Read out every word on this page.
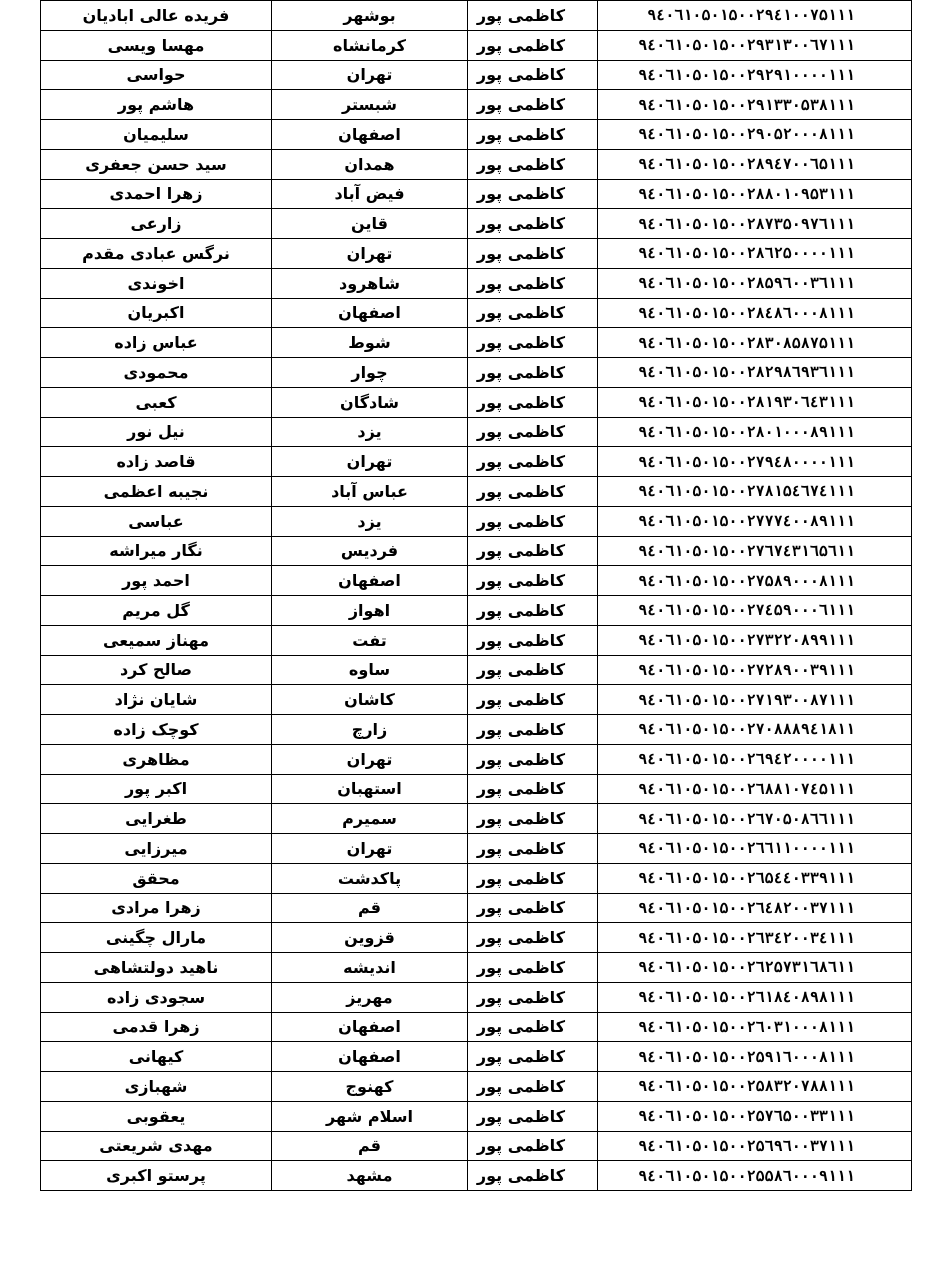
فریده عالی ابادیان	بوشهر	کاظمی پور	۹٤۰٦۱۰۵۰۱۵۰۰۲۹٤۱۰۰۷۵۱۱۱
مهسا ویسی	کرمانشاه	کاظمی پور	۹٤۰٦۱۰۵۰۱۵۰۰۲۹۳۱۳۰۰٦۷۱۱۱
حواسی	تهران	کاظمی پور	۹٤۰٦۱۰۵۰۱۵۰۰۲۹۲۹۱۰۰۰۰۱۱۱
هاشم پور	شبستر	کاظمی پور	۹٤۰٦۱۰۵۰۱۵۰۰۲۹۱۳۳۰۵۳۸۱۱۱
سلیمیان	اصفهان	کاظمی پور	۹٤۰٦۱۰۵۰۱۵۰۰۲۹۰۵۲۰۰۰۸۱۱۱
سید حسن جعفری	همدان	کاظمی پور	۹٤۰٦۱۰۵۰۱۵۰۰۲۸۹٤۷۰۰٦۵۱۱۱
زهرا احمدی	فیض آباد	کاظمی پور	۹٤۰٦۱۰۵۰۱۵۰۰۲۸۸۰۱۰۹۵۳۱۱۱
زارعی	قاین	کاظمی پور	۹٤۰٦۱۰۵۰۱۵۰۰۲۸۷۳۵۰۹۷٦۱۱۱
نرگس عبادی مقدم	تهران	کاظمی پور	۹٤۰٦۱۰۵۰۱۵۰۰۲۸٦۲۵۰۰۰۰۱۱۱
اخوندی	شاهرود	کاظمی پور	۹٤۰٦۱۰۵۰۱۵۰۰۲۸۵۹٦۰۰۳٦۱۱۱
اکبریان	اصفهان	کاظمی پور	۹٤۰٦۱۰۵۰۱۵۰۰۲۸٤۸٦۰۰۰۸۱۱۱
عباس زاده	شوط	کاظمی پور	۹٤۰٦۱۰۵۰۱۵۰۰۲۸۳۰۸۵۸۷۵۱۱۱
محمودی	چوار	کاظمی پور	۹٤۰٦۱۰۵۰۱۵۰۰۲۸۲۹۸٦۹۳٦۱۱۱
کعبی	شادگان	کاظمی پور	۹٤۰٦۱۰۵۰۱۵۰۰۲۸۱۹۳۰٦٤۳۱۱۱
نیل نور	یزد	کاظمی پور	۹٤۰٦۱۰۵۰۱۵۰۰۲۸۰۱۰۰۰۸۹۱۱۱
قاصد زاده	تهران	کاظمی پور	۹٤۰٦۱۰۵۰۱۵۰۰۲۷۹٤۸۰۰۰۰۱۱۱
نجیبه اعظمی	عباس آباد	کاظمی پور	۹٤۰٦۱۰۵۰۱۵۰۰۲۷۸۱۵٤٦۷٤۱۱۱
عباسی	یزد	کاظمی پور	۹٤۰٦۱۰۵۰۱۵۰۰۲۷۷۷٤۰۰۸۹۱۱۱
نگار میراشه	فردیس	کاظمی پور	۹٤۰٦۱۰۵۰۱۵۰۰۲۷٦۷٤۳۱٦۵٦۱۱
احمد پور	اصفهان	کاظمی پور	۹٤۰٦۱۰۵۰۱۵۰۰۲۷۵۸۹۰۰۰۸۱۱۱
گل مریم	اهواز	کاظمی پور	۹٤۰٦۱۰۵۰۱۵۰۰۲۷٤۵۹۰۰۰٦۱۱۱
مهناز سمیعی	تفت	کاظمی پور	۹٤۰٦۱۰۵۰۱۵۰۰۲۷۳۲۲۰۸۹۹۱۱۱
صالح کرد	ساوه	کاظمی پور	۹٤۰٦۱۰۵۰۱۵۰۰۲۷۲۸۹۰۰۳۹۱۱۱
شایان نژاد	کاشان	کاظمی پور	۹٤۰٦۱۰۵۰۱۵۰۰۲۷۱۹۳۰۰۸۷۱۱۱
کوچک زاده	زارچ	کاظمی پور	۹٤۰٦۱۰۵۰۱۵۰۰۲۷۰۸۸۸۹٤۱۸۱۱
مظاهری	تهران	کاظمی پور	۹٤۰٦۱۰۵۰۱۵۰۰۲٦۹٤۲۰۰۰۰۱۱۱
اکبر پور	استهبان	کاظمی پور	۹٤۰٦۱۰۵۰۱۵۰۰۲٦۸۸۱۰۷٤۵۱۱۱
طغرایی	سمیرم	کاظمی پور	۹٤۰٦۱۰۵۰۱۵۰۰۲٦۷۰۵۰۸٦٦۱۱۱
میرزایی	تهران	کاظمی پور	۹٤۰٦۱۰۵۰۱۵۰۰۲٦٦۱۱۰۰۰۰۱۱۱
محقق	پاکدشت	کاظمی پور	۹٤۰٦۱۰۵۰۱۵۰۰۲٦۵٤٤۰۳۳۹۱۱۱
زهرا مرادی	قم	کاظمی پور	۹٤۰٦۱۰۵۰۱۵۰۰۲٦٤۸۲۰۰۳۷۱۱۱
مارال چگینی	قزوین	کاظمی پور	۹٤۰٦۱۰۵۰۱۵۰۰۲٦۳٤۲۰۰۳٤۱۱۱
ناهید دولتشاهی	اندیشه	کاظمی پور	۹٤۰٦۱۰۵۰۱۵۰۰۲٦۲۵۷۳۱٦۸٦۱۱
سجودی زاده	مهریز	کاظمی پور	۹٤۰٦۱۰۵۰۱۵۰۰۲٦۱۸٤۰۸۹۸۱۱۱
زهرا قدمی	اصفهان	کاظمی پور	۹٤۰٦۱۰۵۰۱۵۰۰۲٦۰۳۱۰۰۰۸۱۱۱
کیهانی	اصفهان	کاظمی پور	۹٤۰٦۱۰۵۰۱۵۰۰۲۵۹۱٦۰۰۰۸۱۱۱
شهبازی	کهنوج	کاظمی پور	۹٤۰٦۱۰۵۰۱۵۰۰۲۵۸۳۲۰۷۸۸۱۱۱
یعقوبی	اسلام شهر	کاظمی پور	۹٤۰٦۱۰۵۰۱۵۰۰۲۵۷٦۵۰۰۳۳۱۱۱
مهدی شریعتی	قم	کاظمی پور	۹٤۰٦۱۰۵۰۱۵۰۰۲۵٦۹٦۰۰۳۷۱۱۱
پرستو اکبری	مشهد	کاظمی پور	۹٤۰٦۱۰۵۰۱۵۰۰۲۵۵۸٦۰۰۰۹۱۱۱
